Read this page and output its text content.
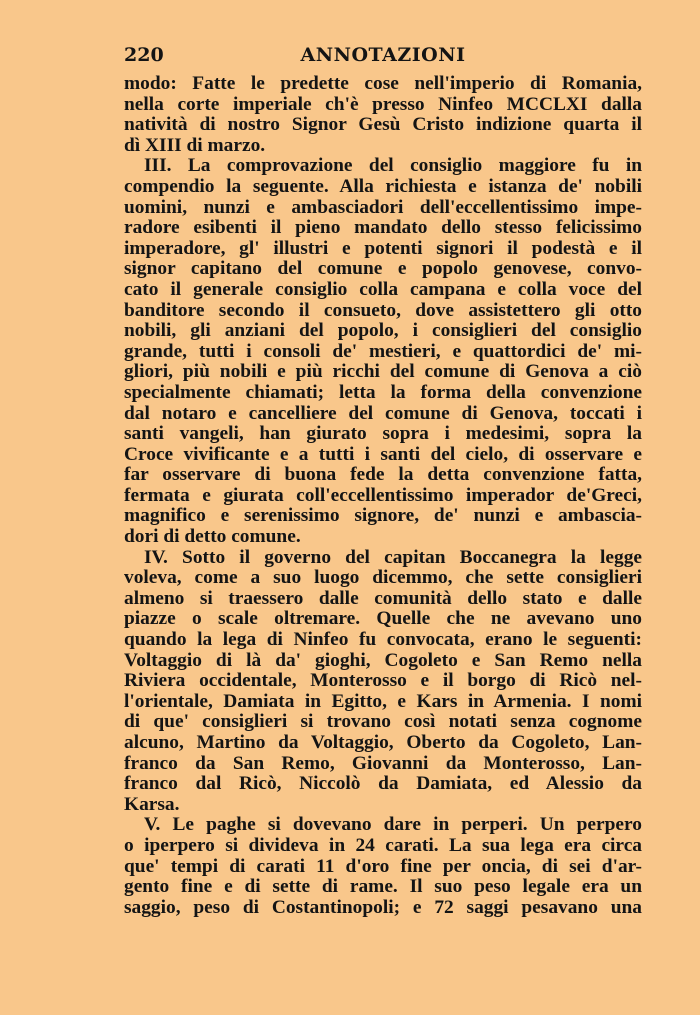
220	ANNOTAZIONI
modo: Fatte le predette cose nell'imperio di Romania,
nella corte imperiale ch'è presso Ninfeo MCCLXI dalla
natività di nostro Signor Gesù Cristo indizione quarta il
dì XIII di marzo.
III. La comprovazione del consiglio maggiore fu in
compendio la seguente. Alla richiesta e istanza de' nobili
uomini, nunzi e ambasciadori dell'eccellentissimo impe-
radore esibenti il pieno mandato dello stesso felicissimo
imperadore, gl' illustri e potenti signori il podestà e il
signor capitano del comune e popolo genovese, convo-
cato il generale consiglio colla campana e colla voce del
banditore secondo il consueto, dove assistettero gli otto
nobili, gli anziani del popolo, i consiglieri del consiglio
grande, tutti i consoli de' mestieri, e quattordici de' mi-
gliori, più nobili e più ricchi del comune di Genova a ciò
specialmente chiamati; letta la forma della convenzione
dal notaro e cancelliere del comune di Genova, toccati i
santi vangeli, han giurato sopra i medesimi, sopra la
Croce vivificante e a tutti i santi del cielo, di osservare e
far osservare di buona fede la detta convenzione fatta,
fermata e giurata coll'eccellentissimo imperador de'Greci,
magnifico e serenissimo signore, de' nunzi e ambascia-
dori di detto comune.
IV. Sotto il governo del capitan Boccanegra la legge
voleva, come a suo luogo dicemmo, che sette consiglieri
almeno si traessero dalle comunità dello stato e dalle
piazze o scale oltremare. Quelle che ne avevano uno
quando la lega di Ninfeo fu convocata, erano le seguenti:
Voltaggio di là da' gioghi, Cogoleto e San Remo nella
Riviera occidentale, Monterosso e il borgo di Ricò nel-
l'orientale, Damiata in Egitto, e Kars in Armenia. I nomi
di que' consiglieri si trovano così notati senza cognome
alcuno, Martino da Voltaggio, Oberto da Cogoleto, Lan-
franco da San Remo, Giovanni da Monterosso, Lan-
franco dal Ricò, Niccolò da Damiata, ed Alessio da
Karsa.
V. Le paghe si dovevano dare in perperi. Un perpero
o iperpero si divideva in 24 carati. La sua lega era circa
que' tempi di carati 11 d'oro fine per oncia, di sei d'ar-
gento fine e di sette di rame. Il suo peso legale era un
saggio, peso di Costantinopoli; e 72 saggi pesavano una
